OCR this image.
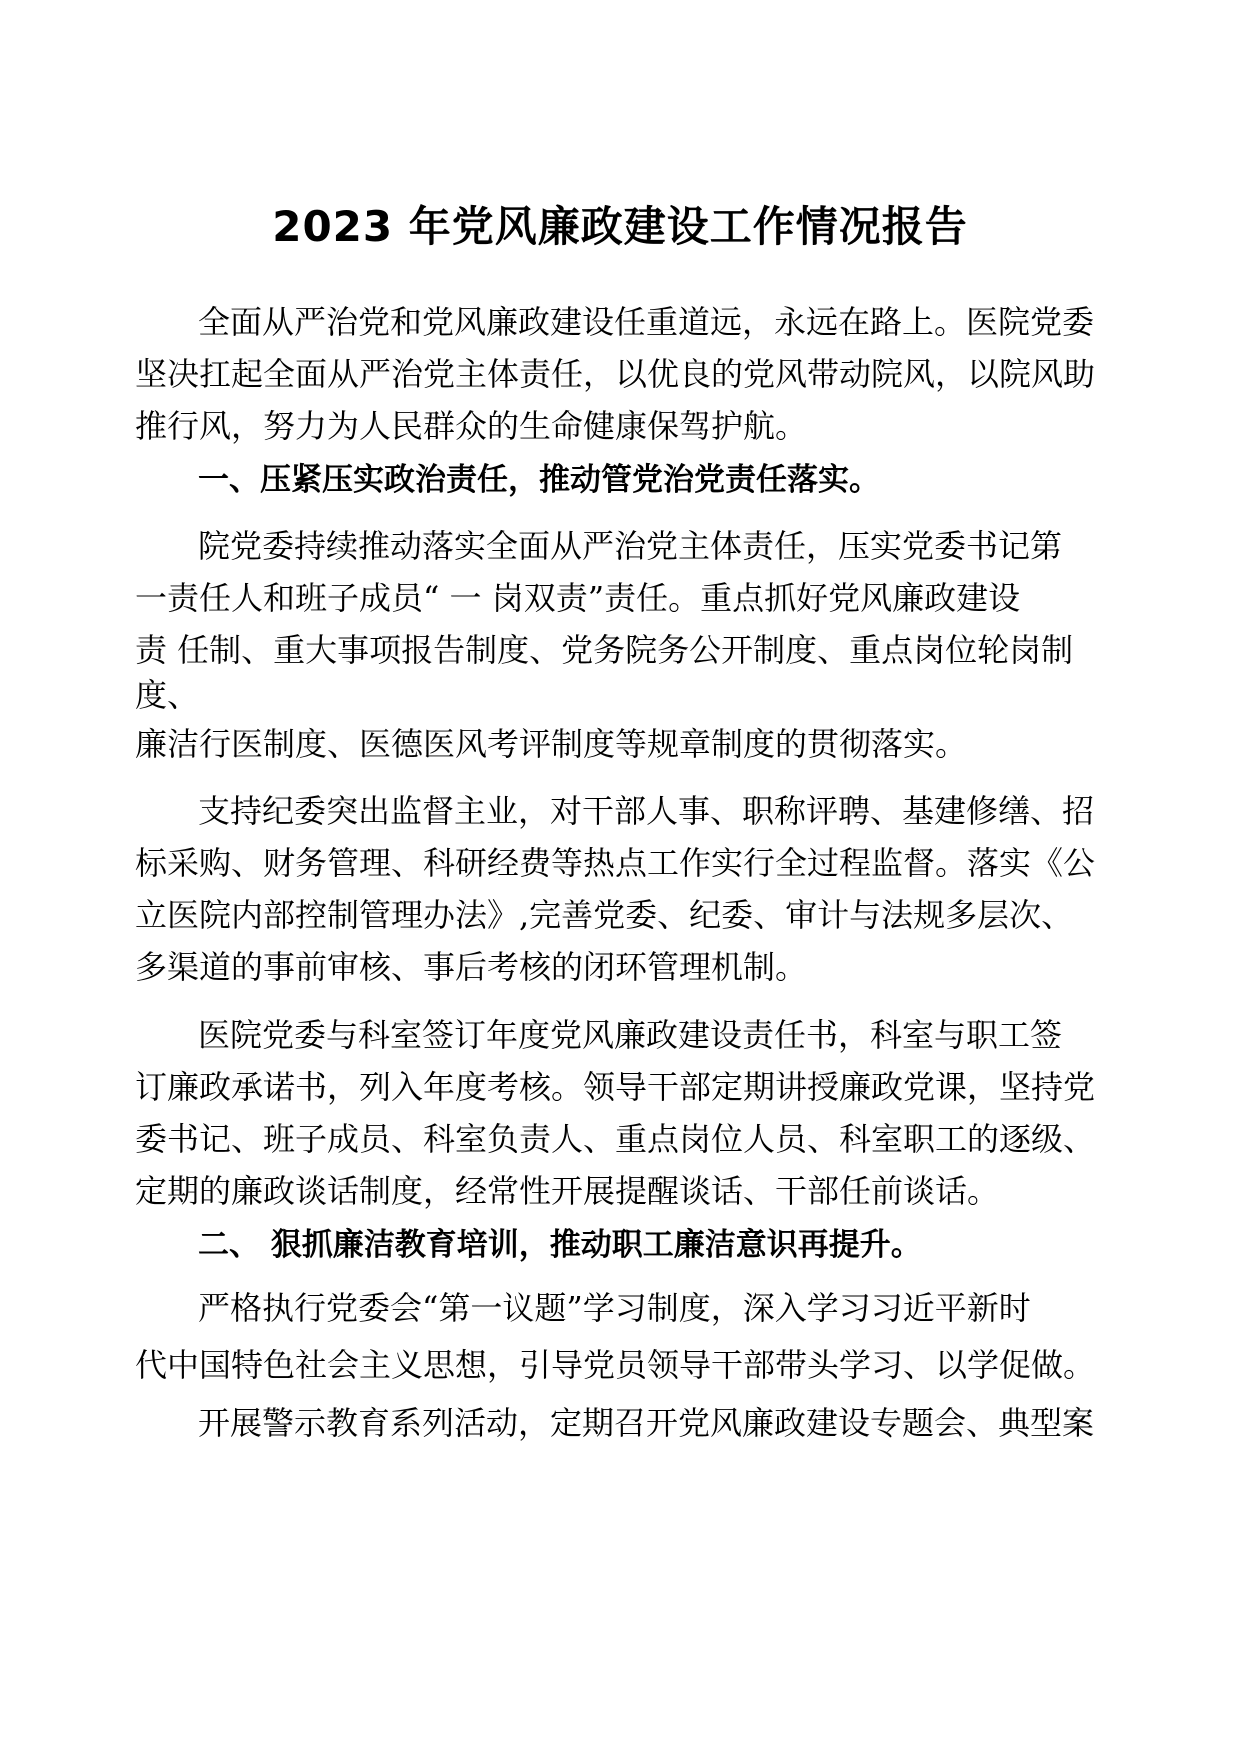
2023 年党风廉政建设工作情况报告
全面从严治党和党风廉政建设任重道远，永远在路上。医院党委
坚决扛起全面从严治党主体责任，以优良的党风带动院风，以院风助
推行风，努力为人民群众的生命健康保驾护航。
一、压紧压实政治责任，推动管党治党责任落实。
院党委持续推动落实全面从严治党主体责任，压实党委书记第
一责任人和班子成员“ 一 岗双责”责任。重点抓好党风廉政建设
责 任制、重大事项报告制度、党务院务公开制度、重点岗位轮岗制
度、
廉洁行医制度、医德医风考评制度等规章制度的贯彻落实。
支持纪委突出监督主业，对干部人事、职称评聘、基建修缮、招
标采购、财务管理、科研经费等热点工作实行全过程监督。落实《公
立医院内部控制管理办法》,完善党委、纪委、审计与法规多层次、
多渠道的事前审核、事后考核的闭环管理机制。
医院党委与科室签订年度党风廉政建设责任书，科室与职工签
订廉政承诺书，列入年度考核。领导干部定期讲授廉政党课，坚持党
委书记、班子成员、科室负责人、重点岗位人员、科室职工的逐级、
定期的廉政谈话制度，经常性开展提醒谈话、干部任前谈话。
二、 狠抓廉洁教育培训，推动职工廉洁意识再提升。
严格执行党委会“第一议题”学习制度，深入学习习近平新时
代中国特色社会主义思想，引导党员领导干部带头学习、以学促做。
开展警示教育系列活动，定期召开党风廉政建设专题会、典型案
